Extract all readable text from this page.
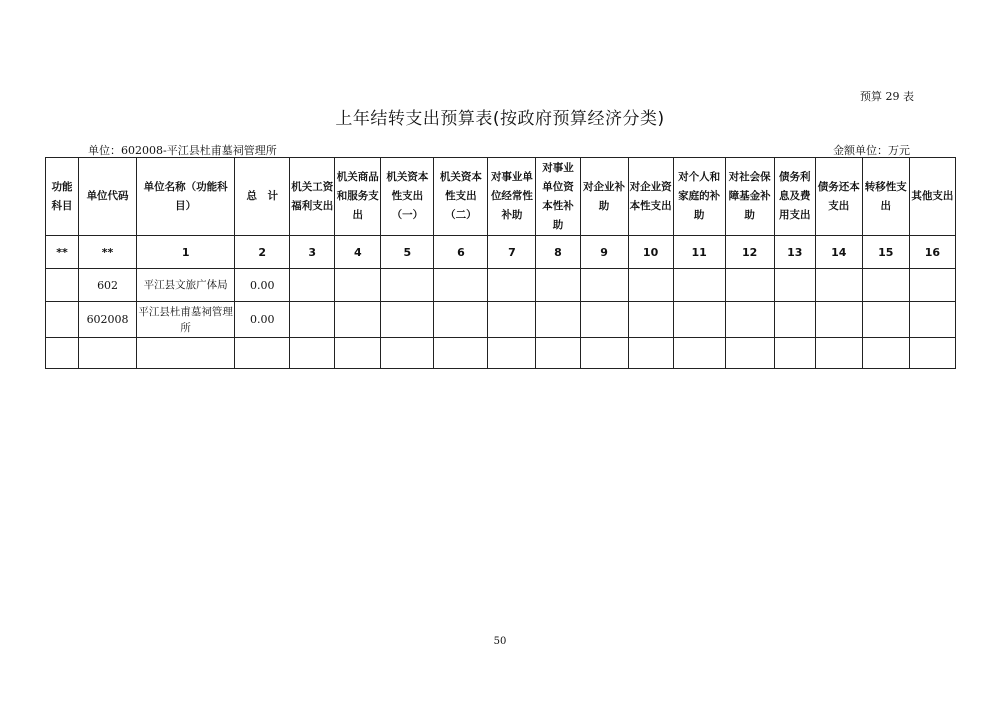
预算 29 表
上年结转支出预算表(按政府预算经济分类)
单位：602008-平江县杜甫墓祠管理所	金额单位：万元
功能科目	单位代码	单位名称（功能科目）	总　计	机关工资福利支出	机关商品和服务支出	机关资本性支出（一）	机关资本性支出（二）	对事业单位经常性补助	对事业单位资本性补助	对企业补助	对企业资本性支出	对个人和家庭的补助	对社会保障基金补助	债务利息及费用支出	债务还本支出	转移性支出	其他支出
**	**	1	2	3	4	5	6	7	8	9	10	11	12	13	14	15	16
	602	平江县文旅广体局	0.00														
	602008	平江县杜甫墓祠管理所	0.00														

50
